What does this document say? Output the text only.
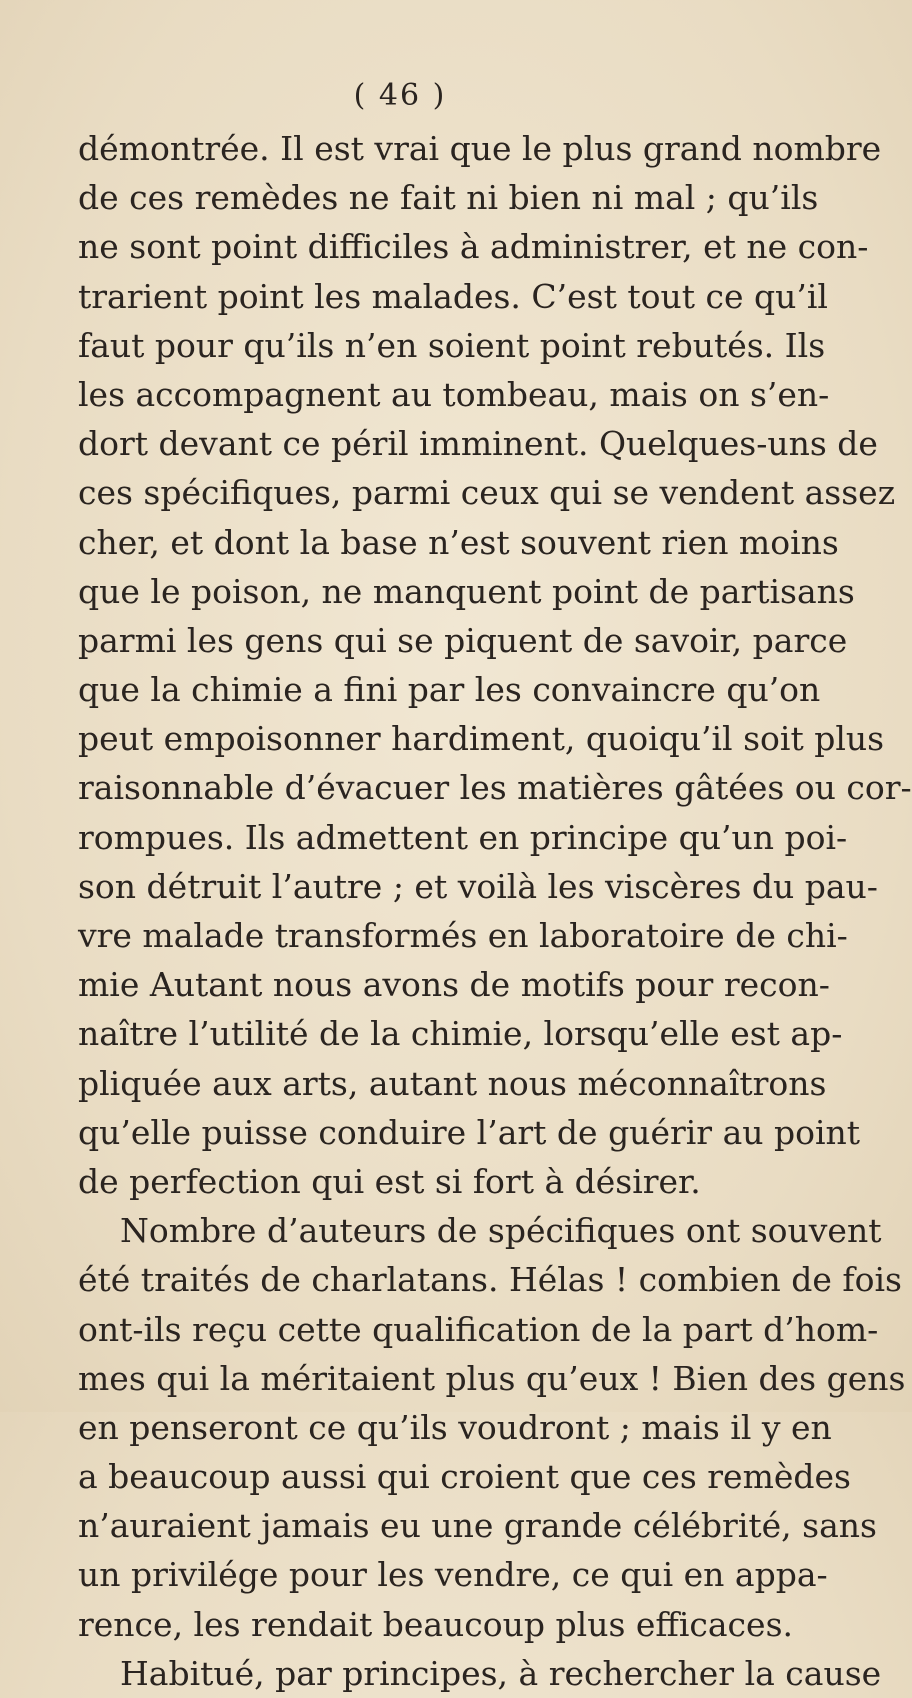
( 46 )
démontrée. Il est vrai que le plus grand nombre
de ces remèdes ne fait ni bien ni mal ; qu’ils
ne sont point difficiles à administrer, et ne con-
trarient point les malades. C’est tout ce qu’il
faut pour qu’ils n’en soient point rebutés. Ils
les accompagnent au tombeau, mais on s’en-
dort devant ce péril imminent. Quelques-uns de
ces spécifiques, parmi ceux qui se vendent assez
cher, et dont la base n’est souvent rien moins
que le poison, ne manquent point de partisans
parmi les gens qui se piquent de savoir, parce
que la chimie a fini par les convaincre qu’on
peut empoisonner hardiment, quoiqu’il soit plus
raisonnable d’évacuer les matières gâtées ou cor-
rompues. Ils admettent en principe qu’un poi-
son détruit l’autre ; et voilà les viscères du pau-
vre malade transformés en laboratoire de chi-
mie Autant nous avons de motifs pour recon-
naître l’utilité de la chimie, lorsqu’elle est ap-
pliquée aux arts, autant nous méconnaîtrons
qu’elle puisse conduire l’art de guérir au point
de perfection qui est si fort à désirer.
Nombre d’auteurs de spécifiques ont souvent
été traités de charlatans. Hélas ! combien de fois
ont-ils reçu cette qualification de la part d’hom-
mes qui la méritaient plus qu’eux ! Bien des gens
en penseront ce qu’ils voudront ; mais il y en
a beaucoup aussi qui croient que ces remèdes
n’auraient jamais eu une grande célébrité, sans
un privilége pour les vendre, ce qui en appa-
rence, les rendait beaucoup plus efficaces.
Habitué, par principes, à rechercher la cause
